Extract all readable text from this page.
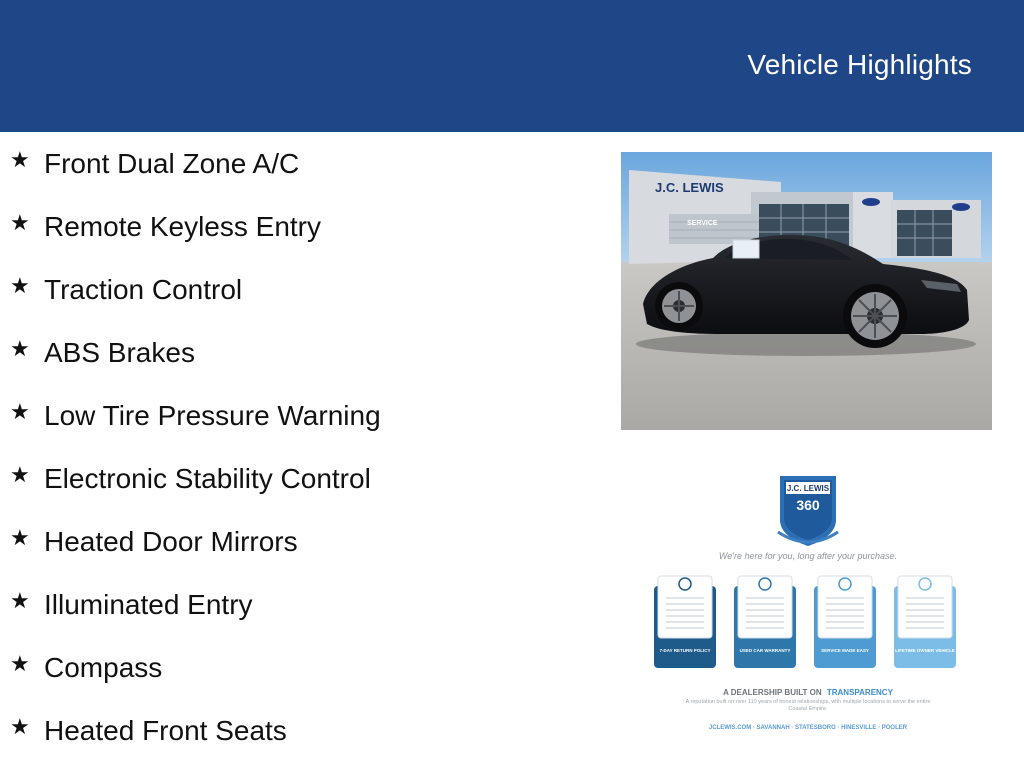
Vehicle Highlights
★ Front Dual Zone A/C
★ Remote Keyless Entry
★ Traction Control
★ ABS Brakes
★ Low Tire Pressure Warning
★ Electronic Stability Control
★ Heated Door Mirrors
★ Illuminated Entry
★ Compass
★ Heated Front Seats
J.C. LEWIS
SERVICE
J.C. LEWIS
360
We're here for you, long after your purchase.
7-DAY RETURN POLICY	USED CAR WARRANTY	SERVICE MADE EASY	LIFETIME OWNER VEHICLE
A DEALERSHIP BUILT ON TRANSPARENCY
A reputation built on over 110 years of honest relationships, with multiple locations to serve the entire Coastal Empire.
JCLEWIS.COM · SAVANNAH · STATESBORO · HINESVILLE · POOLER
